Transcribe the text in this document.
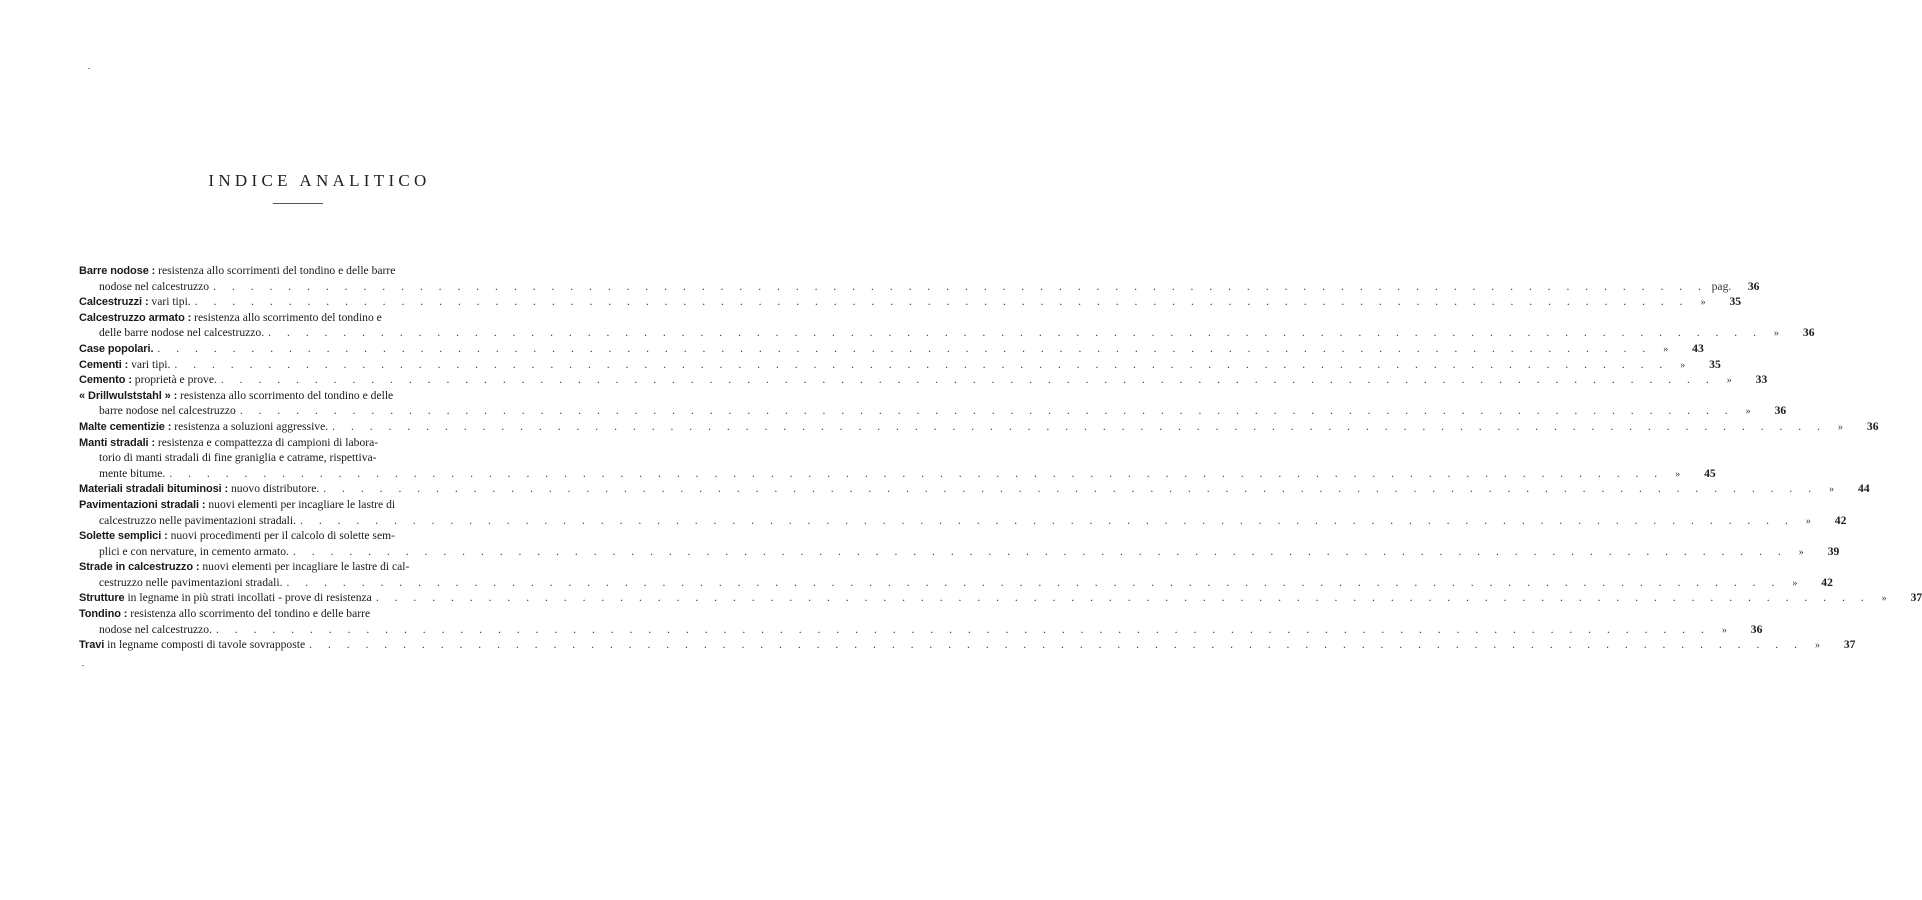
INDICE ANALITICO
Barre nodose : resistenza allo scorrimenti del tondino e delle barre
nodose nel calcestruzzo . . . . . . . . . . . . . . . . . . . . . . . . . . . . . . . . . . . . . . . . . . . . . . . . . . . . . . . . . . . . . . . . . . . . . . . . . . . . . . . . pag.	36
Calcestruzzi : vari tipi. . . . . . . . . . . . . . . . . . . . . . . . . . . . . . . . . . . . . . . . . . . . . . . . . . . . . . . . . . . . . . . . . . . . . . . . . . . . . . . . .	»	35
Calcestruzzo armato : resistenza allo scorrimento del tondino e
delle barre nodose nel calcestruzzo. . . . . . . . . . . . . . . . . . . . . . . . . . . . . . . . . . . . . . . . . . . . . . . . . . . . . . . . . . . . . . . . . . . . . . . . . . . . . . . . .	»	36
Case popolari. . . . . . . . . . . . . . . . . . . . . . . . . . . . . . . . . . . . . . . . . . . . . . . . . . . . . . . . . . . . . . . . . . . . . . . . . . . . . . . . .	»	43
Cementi : vari tipi. . . . . . . . . . . . . . . . . . . . . . . . . . . . . . . . . . . . . . . . . . . . . . . . . . . . . . . . . . . . . . . . . . . . . . . . . . . . . . . . .	»	35
Cemento : proprietà e prove. . . . . . . . . . . . . . . . . . . . . . . . . . . . . . . . . . . . . . . . . . . . . . . . . . . . . . . . . . . . . . . . . . . . . . . . . . . . . . . . .	»	33
« Drillwulststahl » : resistenza allo scorrimento del tondino e delle
barre nodose nel calcestruzzo . . . . . . . . . . . . . . . . . . . . . . . . . . . . . . . . . . . . . . . . . . . . . . . . . . . . . . . . . . . . . . . . . . . . . . . . . . . . . . . .	»	36
Malte cementizie : resistenza a soluzioni aggressive. . . . . . . . . . . . . . . . . . . . . . . . . . . . . . . . . . . . . . . . . . . . . . . . . . . . . . . . . . . . . . . . . . . . . . . . . . . . . . . . .	»	36
Manti stradali : resistenza e compattezza di campioni di labora-
torio di manti stradali di fine graniglia e catrame, rispettiva-
mente bitume. . . . . . . . . . . . . . . . . . . . . . . . . . . . . . . . . . . . . . . . . . . . . . . . . . . . . . . . . . . . . . . . . . . . . . . . . . . . . . . . .	»	45
Materiali stradali bituminosi : nuovo distributore. . . . . . . . . . . . . . . . . . . . . . . . . . . . . . . . . . . . . . . . . . . . . . . . . . . . . . . . . . . . . . . . . . . . . . . . . . . . . . . . .	»	44
Pavimentazioni stradali : nuovi elementi per incagliare le lastre di
calcestruzzo nelle pavimentazioni stradali. . . . . . . . . . . . . . . . . . . . . . . . . . . . . . . . . . . . . . . . . . . . . . . . . . . . . . . . . . . . . . . . . . . . . . . . . . . . . . . . .	»	42
Solette semplici : nuovi procedimenti per il calcolo di solette sem-
plici e con nervature, in cemento armato. . . . . . . . . . . . . . . . . . . . . . . . . . . . . . . . . . . . . . . . . . . . . . . . . . . . . . . . . . . . . . . . . . . . . . . . . . . . . . . . .	»	39
Strade in calcestruzzo : nuovi elementi per incagliare le lastre di cal-
cestruzzo nelle pavimentazioni stradali. . . . . . . . . . . . . . . . . . . . . . . . . . . . . . . . . . . . . . . . . . . . . . . . . . . . . . . . . . . . . . . . . . . . . . . . . . . . . . . . .	»	42
Strutture in legname in più strati incollati - prove di resistenza . . . . . . . . . . . . . . . . . . . . . . . . . . . . . . . . . . . . . . . . . . . . . . . . . . . . . . . . . . . . . . . . . . . . . . . . . . . . . . . .	»	37
Tondino : resistenza allo scorrimento del tondino e delle barre
nodose nel calcestruzzo. . . . . . . . . . . . . . . . . . . . . . . . . . . . . . . . . . . . . . . . . . . . . . . . . . . . . . . . . . . . . . . . . . . . . . . . . . . . . . . . .	»	36
Travi in legname composti di tavole sovrapposte . . . . . . . . . . . . . . . . . . . . . . . . . . . . . . . . . . . . . . . . . . . . . . . . . . . . . . . . . . . . . . . . . . . . . . . . . . . . . . . .	»	37
